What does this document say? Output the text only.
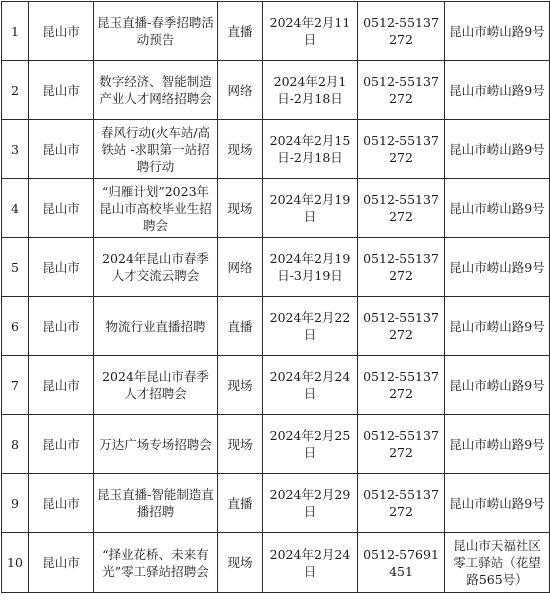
1	昆山市	昆玉直播-春季招聘活动预告	直播	2024年2月11日	0512-55137272	昆山市崂山路9号
2	昆山市	数字经济、智能制造产业人才网络招聘会	网络	2024年2月1日-2月18日	0512-55137272	昆山市崂山路9号
3	昆山市	春风行动(火车站/高铁站 -求职第一站招聘行动	现场	2024年2月15日-2月18日	0512-55137272	昆山市崂山路9号
4	昆山市	“归雁计划”2023年昆山市高校毕业生招聘会	现场	2024年2月19日	0512-55137272	昆山市崂山路9号
5	昆山市	2024年昆山市春季人才交流云聘会	网络	2024年2月19日-3月19日	0512-55137272	昆山市崂山路9号
6	昆山市	物流行业直播招聘	直播	2024年2月22日	0512-55137272	昆山市崂山路9号
7	昆山市	2024年昆山市春季人才招聘会	现场	2024年2月24日	0512-55137272	昆山市崂山路9号
8	昆山市	万达广场专场招聘会	现场	2024年2月25日	0512-55137272	昆山市崂山路9号
9	昆山市	昆玉直播-智能制造直播招聘	直播	2024年2月29日	0512-55137272	昆山市崂山路9号
10	昆山市	“择业花桥、未来有光”零工驿站招聘会	现场	2024年2月24日	0512-57691451	昆山市天福社区零工驿站（花望路565号）
